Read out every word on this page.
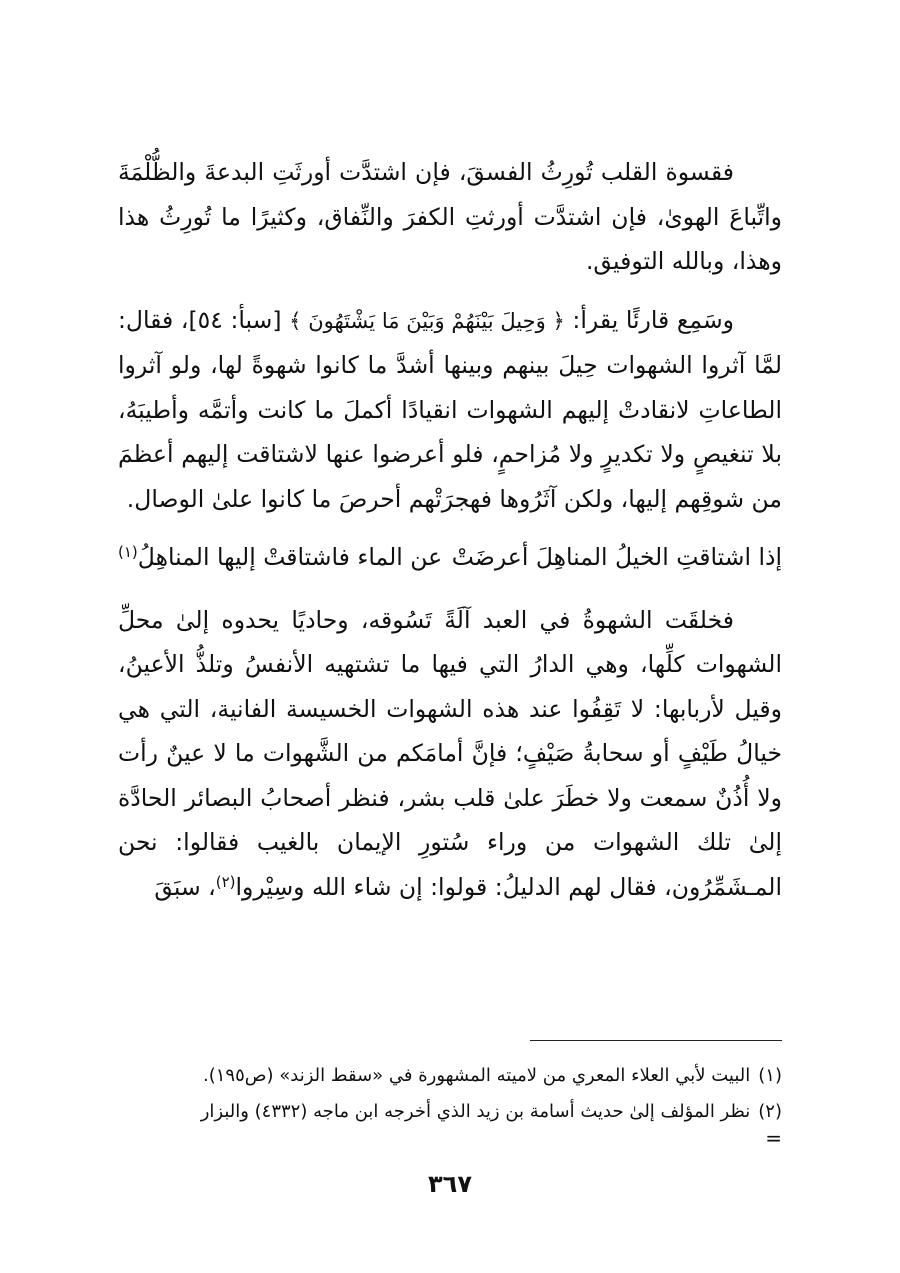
فقسوة القلب تُورِثُ الفسقَ، فإن اشتدَّت أورثَتِ البدعةَ والظُّلْمَةَ واتِّباعَ الهوىٰ، فإن اشتدَّت أورثتِ الكفرَ والنِّفاق، وكثيرًا ما تُورِثُ هذا وهذا، وبالله التوفيق.

وسَمِع قارئًا يقرأ: ﴿ وَحِيلَ بَيْنَهُمْ وَبَيْنَ مَا يَشْتَهُونَ ﴾ [سبأ: ٥٤]، فقال: لمَّا آثروا الشهوات حِيلَ بينهم وبينها أشدَّ ما كانوا شهوةً لها، ولو آثروا الطاعاتِ لانقادتْ إليهم الشهوات انقيادًا أكملَ ما كانت وأتمَّه وأطيبَهُ، بلا تنغيصٍ ولا تكديرٍ ولا مُزاحمٍ، فلو أعرضوا عنها لاشتاقت إليهم أعظمَ من شوقِهم إليها، ولكن آثَرُوها فهجرَتْهم أحرصَ ما كانوا علىٰ الوصال.

إذا اشتاقتِ الخيلُ المناهِلَ أعرضَتْ
عن الماء فاشتاقتْ إليها المناهِلُ$^{(١)}$

فخلقَت الشهوةُ في العبد آلَةً تَسُوقه، وحاديًا يحدوه إلىٰ محلِّ الشهوات كلِّها، وهي الدارُ التي فيها ما تشتهيه الأنفسُ وتلذُّ الأعينُ، وقيل لأربابها: لا تَقِفُوا عند هذه الشهوات الخسيسة الفانية، التي هي خيالُ طَيْفٍ أو سحابةُ صَيْفٍ؛ فإنَّ أمامَكم من الشَّهوات ما لا عينٌ رأت ولا أُذُنٌ سمعت ولا خطَرَ علىٰ قلب بشر، فنظر أصحابُ البصائر الحادَّة إلىٰ تلك الشهوات من وراء سُتورِ الإيمان بالغيب فقالوا: نحن المـشَمِّرُون، فقال لهم الدليلُ: قولوا: إن شاء الله وسِيْروا$^{(٢)}$، سبَقَ

(١)البيت لأبي العلاء المعري من لاميته المشهورة في «سقط الزند» (ص١٩٥).

(٢)نظر المؤلف إلىٰ حديث أسامة بن زيد الذي أخرجه ابن ماجه (٤٣٣٢) والبزار

=
٣٦٧
